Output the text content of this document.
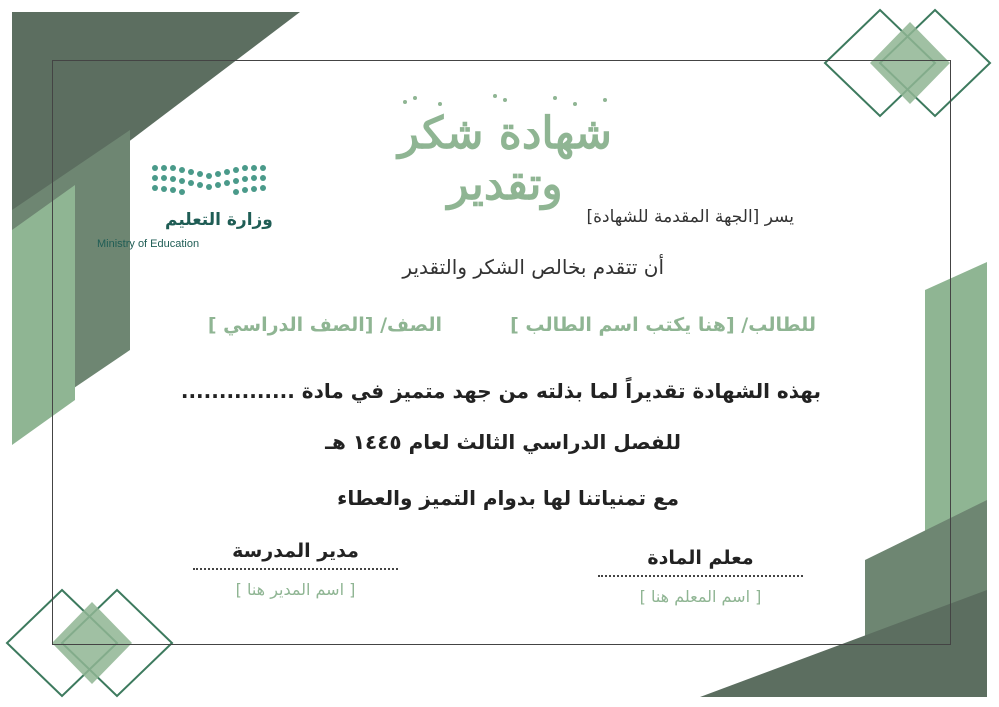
شهادة شكر وتقدير
وزارة التعليم
Ministry of Education
يسر [الجهة المقدمة للشهادة]
أن تتقدم بخالص الشكر والتقدير
للطالب/ [هنا يكتب اسم الطالب ]
الصف/ [الصف الدراسي ]
بهذه الشهادة تقديراً لما بذلته من جهد متميز في مادة ...............
للفصل الدراسي الثالث لعام ١٤٤٥ هـ
مع تمنياتنا لها بدوام التميز والعطاء
مدير المدرسة
[ اسم المدير هنا ]
معلم المادة
[ اسم المعلم هنا ]
